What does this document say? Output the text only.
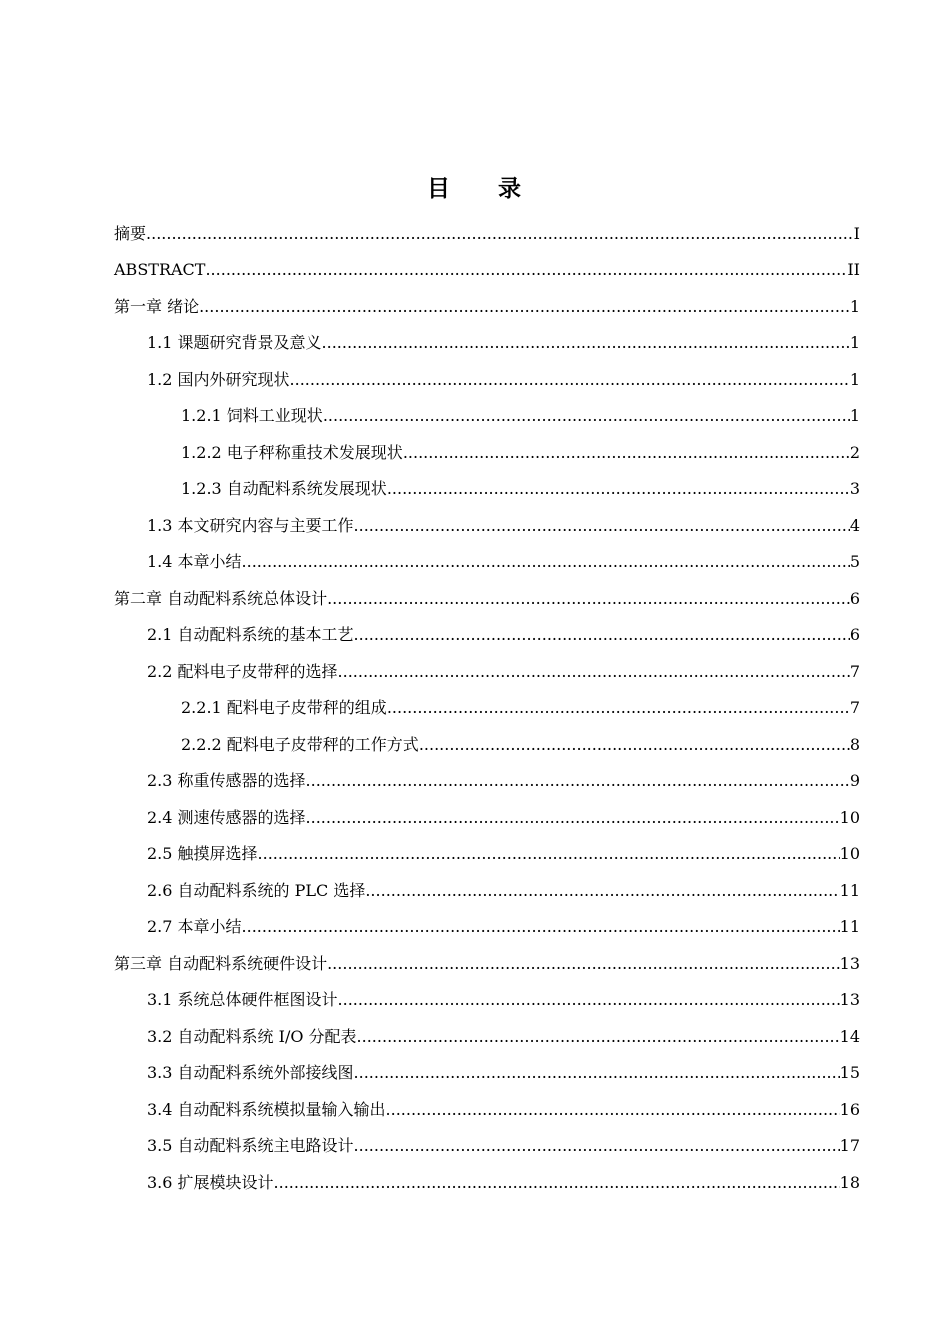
目 录
摘要 .....	I
ABSTRACT .....	II
第一章 绪论 .....	1
1.1 课题研究背景及意义 .....	1
1.2 国内外研究现状 .....	1
1.2.1 饲料工业现状 .....	1
1.2.2 电子秤称重技术发展现状 .....	2
1.2.3 自动配料系统发展现状 .....	3
1.3 本文研究内容与主要工作 .....	4
1.4 本章小结 .....	5
第二章 自动配料系统总体设计 .....	6
2.1 自动配料系统的基本工艺 .....	6
2.2 配料电子皮带秤的选择 .....	7
2.2.1 配料电子皮带秤的组成 .....	7
2.2.2 配料电子皮带秤的工作方式 .....	8
2.3 称重传感器的选择 .....	9
2.4 测速传感器的选择 .....	10
2.5 触摸屏选择 .....	10
2.6 自动配料系统的 PLC 选择 .....	11
2.7 本章小结 .....	11
第三章 自动配料系统硬件设计 .....	13
3.1 系统总体硬件框图设计 .....	13
3.2 自动配料系统 I/O 分配表 .....	14
3.3 自动配料系统外部接线图 .....	15
3.4 自动配料系统模拟量输入输出 .....	16
3.5 自动配料系统主电路设计 .....	17
3.6 扩展模块设计 .....	18
